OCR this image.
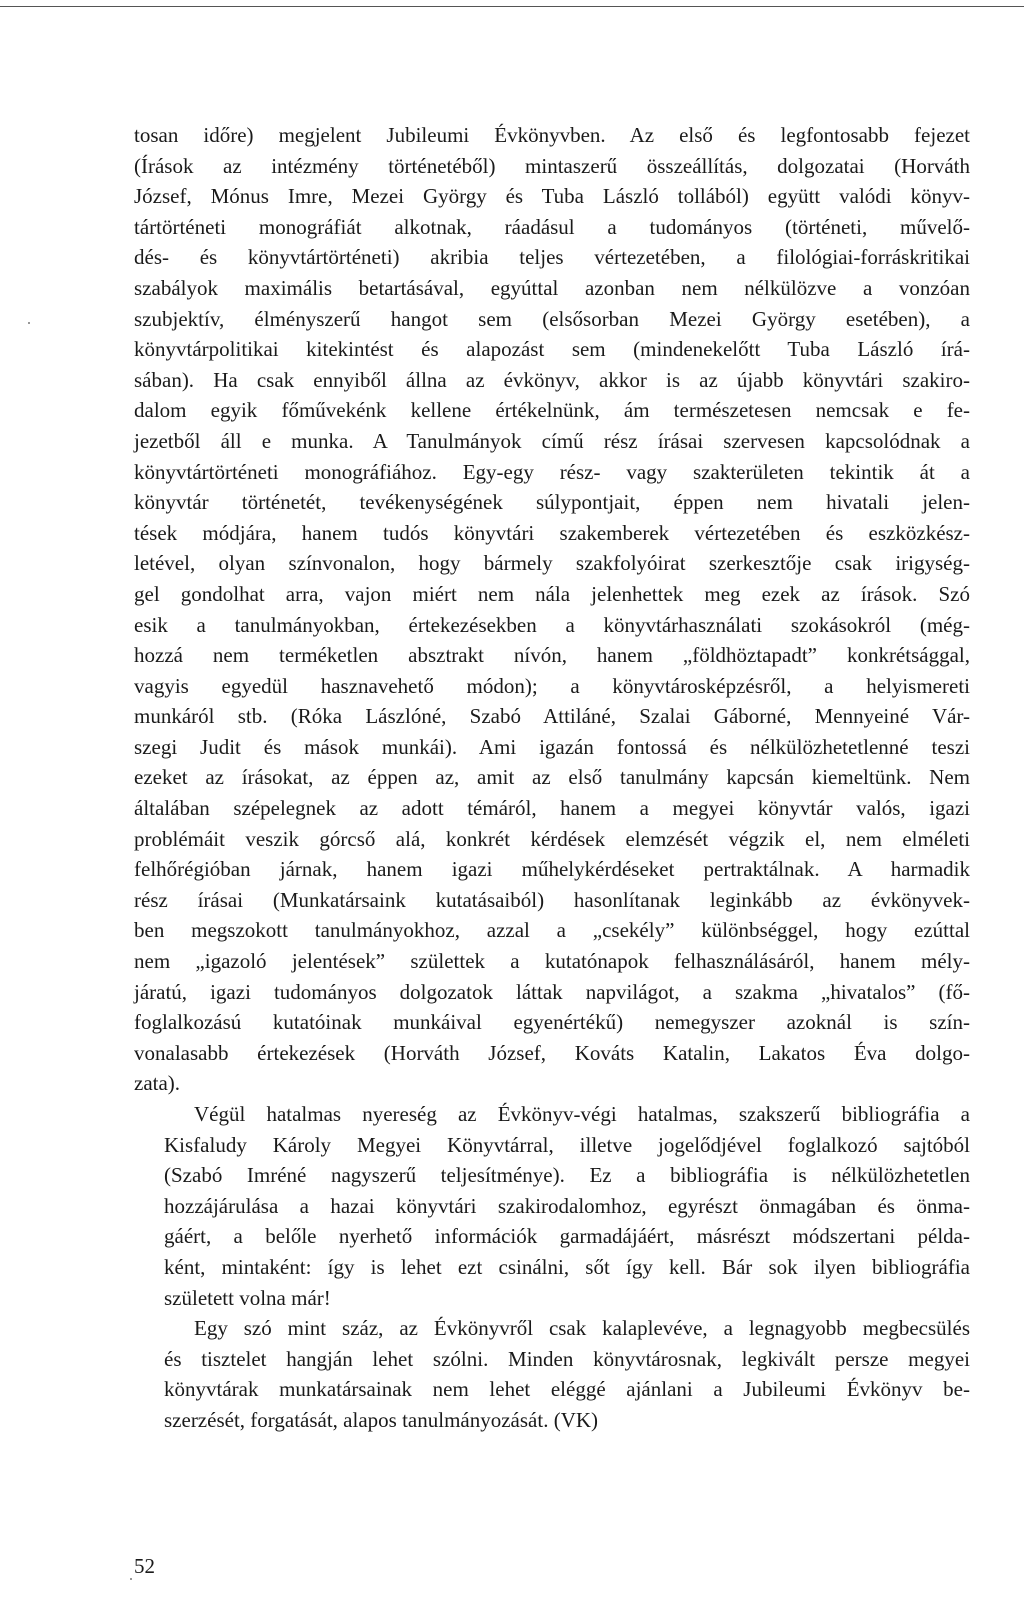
tosan időre) megjelent Jubileumi Évkönyvben. Az első és legfontosabb fejezet
(Írások az intézmény történetéből) mintaszerű összeállítás, dolgozatai (Horváth
József, Mónus Imre, Mezei György és Tuba László tollából) együtt valódi könyv-
tártörténeti monográfiát alkotnak, ráadásul a tudományos (történeti, művelő-
dés- és könyvtártörténeti) akribia teljes vértezetében, a filológiai-forráskritikai
szabályok maximális betartásával, egyúttal azonban nem nélkülözve a vonzóan
szubjektív, élményszerű hangot sem (elsősorban Mezei György esetében), a
könyvtárpolitikai kitekintést és alapozást sem (mindenekelőtt Tuba László írá-
sában). Ha csak ennyiből állna az évkönyv, akkor is az újabb könyvtári szakiro-
dalom egyik főművekénk kellene értékelnünk, ám természetesen nemcsak e fe-
jezetből áll e munka. A Tanulmányok című rész írásai szervesen kapcsolódnak a
könyvtártörténeti monográfiához. Egy-egy rész- vagy szakterületen tekintik át a
könyvtár történetét, tevékenységének súlypontjait, éppen nem hivatali jelen-
tések módjára, hanem tudós könyvtári szakemberek vértezetében és eszközkész-
letével, olyan színvonalon, hogy bármely szakfolyóirat szerkesztője csak irigység-
gel gondolhat arra, vajon miért nem nála jelenhettek meg ezek az írások. Szó
esik a tanulmányokban, értekezésekben a könyvtárhasználati szokásokról (még-
hozzá nem terméketlen absztrakt nívón, hanem „földhöztapadt” konkrétsággal,
vagyis egyedül hasznavehető módon); a könyvtárosképzésről, a helyismereti
munkáról stb. (Róka Lászlóné, Szabó Attiláné, Szalai Gáborné, Mennyeiné Vár-
szegi Judit és mások munkái). Ami igazán fontossá és nélkülözhetetlenné teszi
ezeket az írásokat, az éppen az, amit az első tanulmány kapcsán kiemeltünk. Nem
általában szépelegnek az adott témáról, hanem a megyei könyvtár valós, igazi
problémáit veszik górcső alá, konkrét kérdések elemzését végzik el, nem elméleti
felhőrégióban járnak, hanem igazi műhelykérdéseket pertraktálnak. A harmadik
rész írásai (Munkatársaink kutatásaiból) hasonlítanak leginkább az évkönyvek-
ben megszokott tanulmányokhoz, azzal a „csekély” különbséggel, hogy ezúttal
nem „igazoló jelentések” születtek a kutatónapok felhasználásáról, hanem mély-
járatú, igazi tudományos dolgozatok láttak napvilágot, a szakma „hivatalos” (fő-
foglalkozású kutatóinak munkáival egyenértékű) nemegyszer azoknál is szín-
vonalasabb értekezések (Horváth József, Kováts Katalin, Lakatos Éva dolgo-
zata).

Végül hatalmas nyereség az Évkönyv-végi hatalmas, szakszerű bibliográfia a
Kisfaludy Károly Megyei Könyvtárral, illetve jogelődjével foglalkozó sajtóból
(Szabó Imréné nagyszerű teljesítménye). Ez a bibliográfia is nélkülözhetetlen
hozzájárulása a hazai könyvtári szakirodalomhoz, egyrészt önmagában és önma-
gáért, a belőle nyerhető információk garmadájáért, másrészt módszertani példa-
ként, mintaként: így is lehet ezt csinálni, sőt így kell. Bár sok ilyen bibliográfia
született volna már!

Egy szó mint száz, az Évkönyvről csak kalaplevéve, a legnagyobb megbecsülés
és tisztelet hangján lehet szólni. Minden könyvtárosnak, legkivált persze megyei
könyvtárak munkatársainak nem lehet eléggé ajánlani a Jubileumi Évkönyv be-
szerzését, forgatását, alapos tanulmányozását. (VK)

52
